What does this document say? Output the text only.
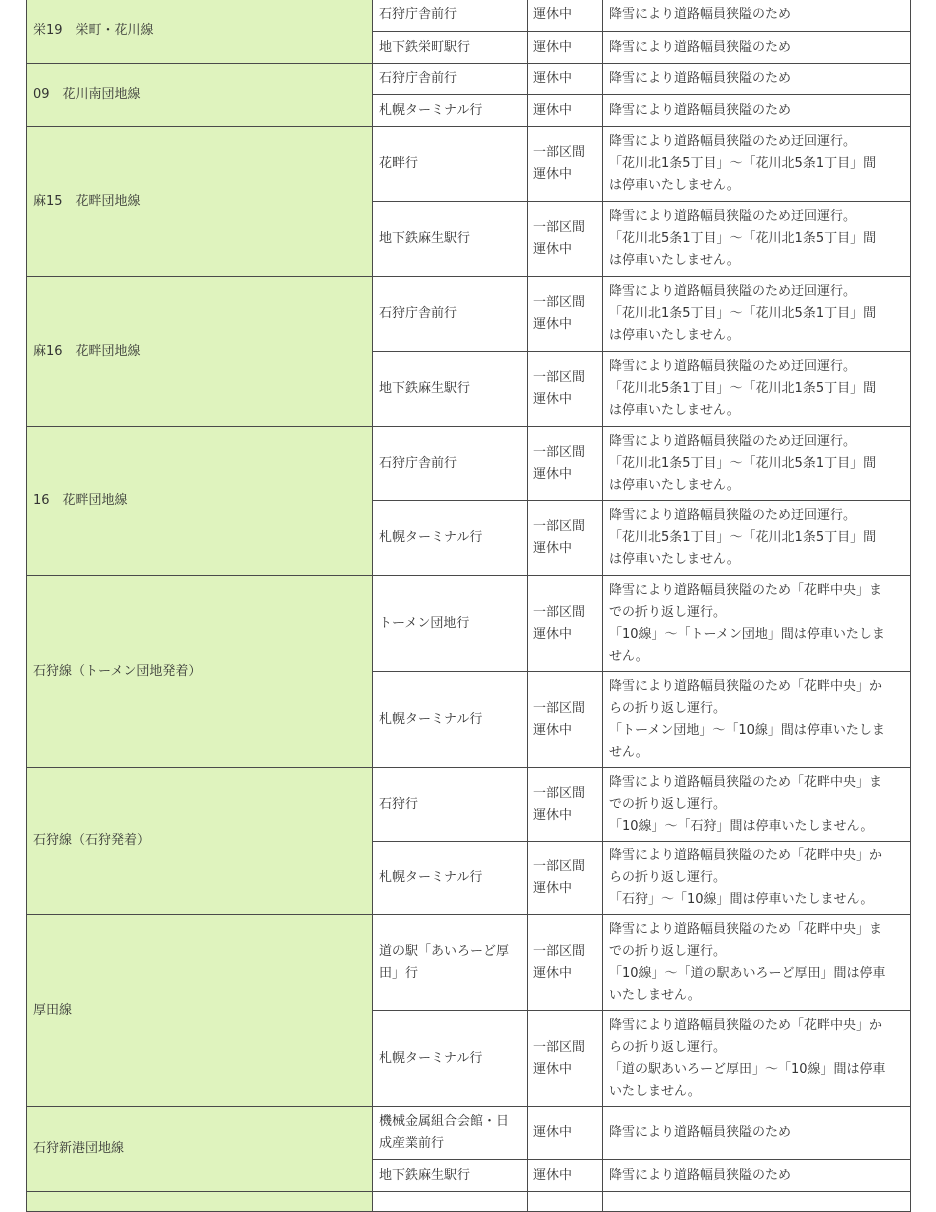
栄19　栄町・花川線	石狩庁舎前行	運休中	降雪により道路幅員狭隘のため

	地下鉄栄町駅行	運休中	降雪により道路幅員狭隘のため

09　花川南団地線	石狩庁舎前行	運休中	降雪により道路幅員狭隘のため

	札幌ターミナル行	運休中	降雪により道路幅員狭隘のため

麻15　花畔団地線	花畔行	一部区間
運休中	降雪により道路幅員狭隘のため迂回運行。
「花川北1条5丁目」〜「花川北5条1丁目」間
は停車いたしません。

	地下鉄麻生駅行	一部区間
運休中	降雪により道路幅員狭隘のため迂回運行。
「花川北5条1丁目」〜「花川北1条5丁目」間
は停車いたしません。

麻16　花畔団地線	石狩庁舎前行	一部区間
運休中	降雪により道路幅員狭隘のため迂回運行。
「花川北1条5丁目」〜「花川北5条1丁目」間
は停車いたしません。

	地下鉄麻生駅行	一部区間
運休中	降雪により道路幅員狭隘のため迂回運行。
「花川北5条1丁目」〜「花川北1条5丁目」間
は停車いたしません。

16　花畔団地線	石狩庁舎前行	一部区間
運休中	降雪により道路幅員狭隘のため迂回運行。
「花川北1条5丁目」〜「花川北5条1丁目」間
は停車いたしません。

	札幌ターミナル行	一部区間
運休中	降雪により道路幅員狭隘のため迂回運行。
「花川北5条1丁目」〜「花川北1条5丁目」間
は停車いたしません。

石狩線（トーメン団地発着）	トーメン団地行	一部区間
運休中	降雪により道路幅員狭隘のため「花畔中央」ま
での折り返し運行。
「10線」〜「トーメン団地」間は停車いたしま
せん。

	札幌ターミナル行	一部区間
運休中	降雪により道路幅員狭隘のため「花畔中央」か
らの折り返し運行。
「トーメン団地」〜「10線」間は停車いたしま
せん。

石狩線（石狩発着）	石狩行	一部区間
運休中	降雪により道路幅員狭隘のため「花畔中央」ま
での折り返し運行。
「10線」〜「石狩」間は停車いたしません。

	札幌ターミナル行	一部区間
運休中	降雪により道路幅員狭隘のため「花畔中央」か
らの折り返し運行。
「石狩」〜「10線」間は停車いたしません。

厚田線	道の駅「あいろーど厚
田」行	一部区間
運休中	降雪により道路幅員狭隘のため「花畔中央」ま
での折り返し運行。
「10線」〜「道の駅あいろーど厚田」間は停車
いたしません。

	札幌ターミナル行	一部区間
運休中	降雪により道路幅員狭隘のため「花畔中央」か
らの折り返し運行。
「道の駅あいろーど厚田」〜「10線」間は停車
いたしません。

石狩新港団地線	機械金属組合会館・日
成産業前行	運休中	降雪により道路幅員狭隘のため

	地下鉄麻生駅行	運休中	降雪により道路幅員狭隘のため
